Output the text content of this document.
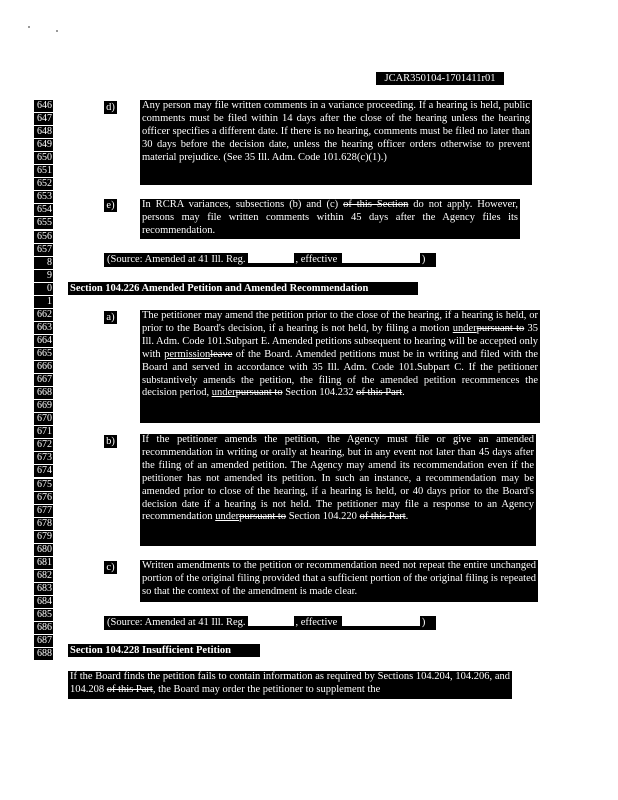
JCAR350104-1701411r01
646
647
648
649
650
651
652
653
654
655
656
657
8
9
0
1
662
663
664
665
666
667
668
669
670
671
672
673
674
675
676
677
678
679
680
681
682
683
684
685
686
687
688
d)	Any person may file written comments in a variance proceeding. If a hearing is held, public comments must be filed within 14 days after the close of the hearing unless the hearing officer specifies a different date. If there is no hearing, comments must be filed no later than 30 days before the decision date, unless the hearing officer orders otherwise to prevent material prejudice. (See 35 Ill. Adm. Code 101.628(c)(1).)

e)	In RCRA variances, subsections (b) and (c) of this Section do not apply. However, persons may file written comments within 45 days after the Agency files its recommendation.

(Source: Amended at 41 Ill. Reg.	, effective	)
Section 104.226 Amended Petition and Amended Recommendation
a)	The petitioner may amend the petition prior to the close of the hearing, if a hearing is held, or prior to the Board's decision, if a hearing is not held, by filing a motion underpursuant to 35 Ill. Adm. Code 101.Subpart E. Amended petitions subsequent to hearing will be accepted only with permissionleave of the Board. Amended petitions must be in writing and filed with the Board and served in accordance with 35 Ill. Adm. Code 101.Subpart C. If the petitioner substantively amends the petition, the filing of the amended petition recommences the decision period, underpursuant to Section 104.232 of this Part.

b)	If the petitioner amends the petition, the Agency must file or give an amended recommendation in writing or orally at hearing, but in any event not later than 45 days after the filing of an amended petition. The Agency may amend its recommendation even if the petitioner has not amended its petition. In such an instance, a recommendation may be amended prior to close of the hearing, if a hearing is held, or 40 days prior to the Board's decision date if a hearing is not held. The petitioner may file a response to an Agency recommendation underpursuant to Section 104.220 of this Part.

c)	Written amendments to the petition or recommendation need not repeat the entire unchanged portion of the original filing provided that a sufficient portion of the original filing is repeated so that the context of the amendment is made clear.

(Source: Amended at 41 Ill. Reg.	, effective	)
Section 104.228 Insufficient Petition

If the Board finds the petition fails to contain information as required by Sections 104.204, 104.206, and 104.208 of this Part, the Board may order the petitioner to supplement the
